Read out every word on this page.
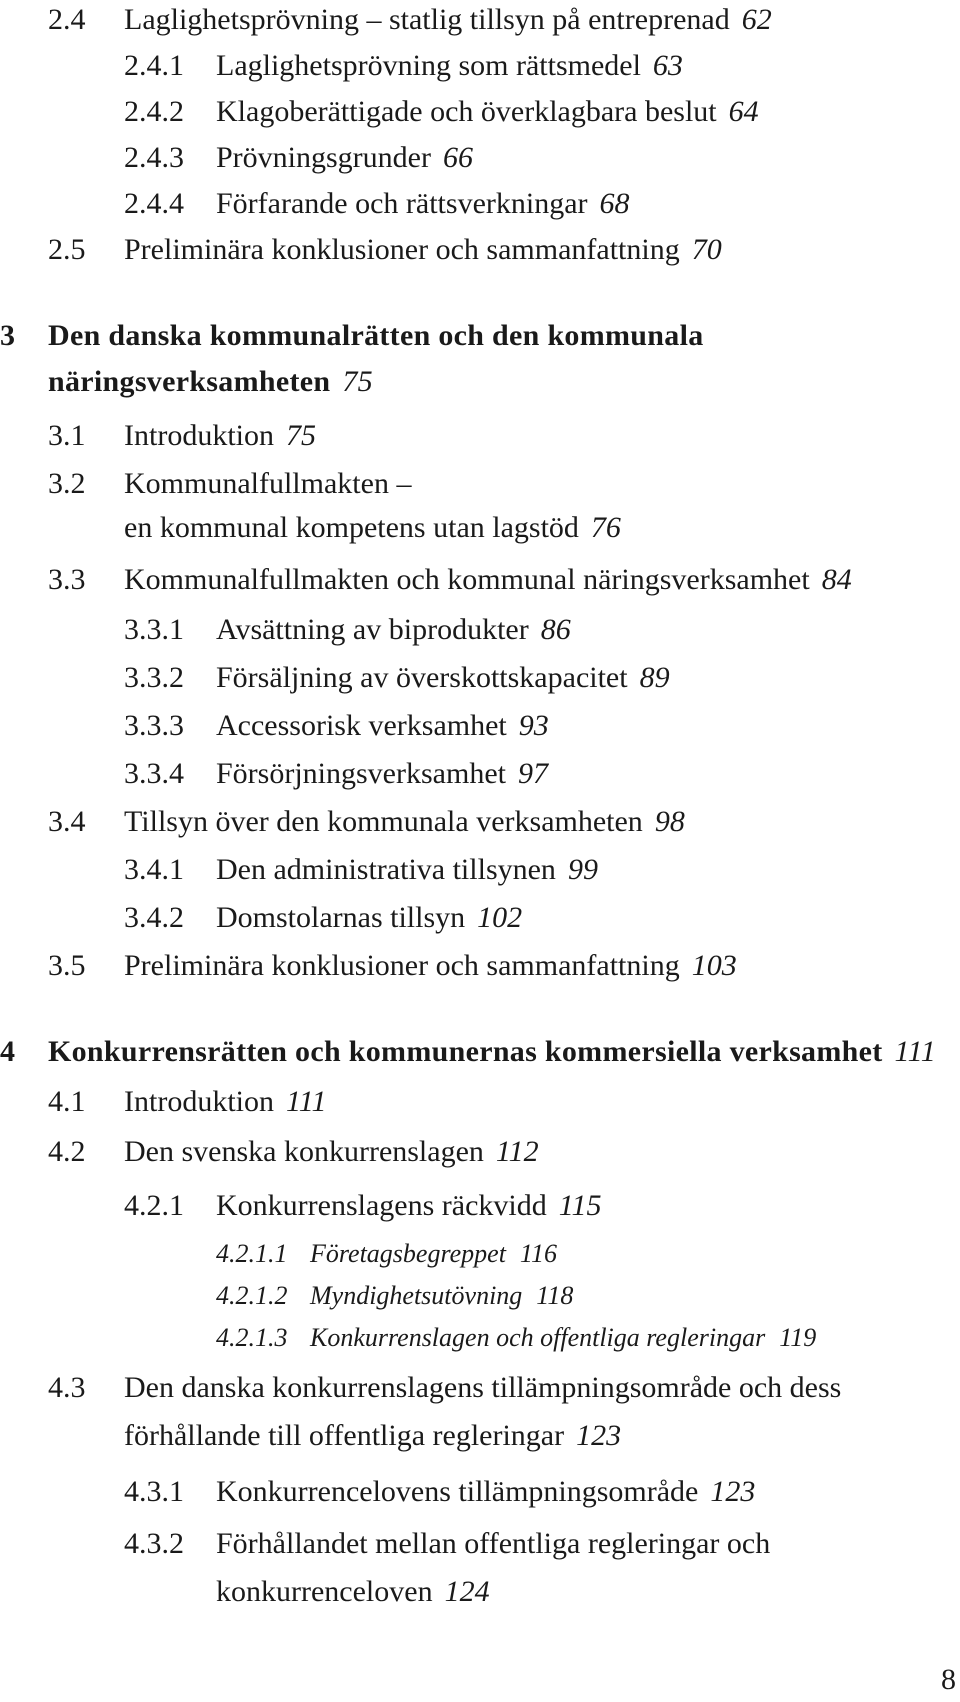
2.4 Laglighetsprövning – statlig tillsyn på entreprenad 62
2.4.1 Laglighetsprövning som rättsmedel 63
2.4.2 Klagoberättigade och överklagbara beslut 64
2.4.3 Prövningsgrunder 66
2.4.4 Förfarande och rättsverkningar 68
2.5 Preliminära konklusioner och sammanfattning 70
3 Den danska kommunalrätten och den kommunala
näringsverksamheten 75
3.1 Introduktion 75
3.2 Kommunalfullmakten –
en kommunal kompetens utan lagstöd 76
3.3 Kommunalfullmakten och kommunal näringsverksamhet 84
3.3.1 Avsättning av biprodukter 86
3.3.2 Försäljning av överskottskapacitet 89
3.3.3 Accessorisk verksamhet 93
3.3.4 Försörjningsverksamhet 97
3.4 Tillsyn över den kommunala verksamheten 98
3.4.1 Den administrativa tillsynen 99
3.4.2 Domstolarnas tillsyn 102
3.5 Preliminära konklusioner och sammanfattning 103
4 Konkurrensrätten och kommunernas kommersiella verksamhet 111
4.1 Introduktion 111
4.2 Den svenska konkurrenslagen 112
4.2.1 Konkurrenslagens räckvidd 115
4.2.1.1 Företagsbegreppet 116
4.2.1.2 Myndighetsutövning 118
4.2.1.3 Konkurrenslagen och offentliga regleringar 119
4.3 Den danska konkurrenslagens tillämpningsområde och dess
förhållande till offentliga regleringar 123
4.3.1 Konkurrencelovens tillämpningsområde 123
4.3.2 Förhållandet mellan offentliga regleringar och
konkurrenceloven 124
8
